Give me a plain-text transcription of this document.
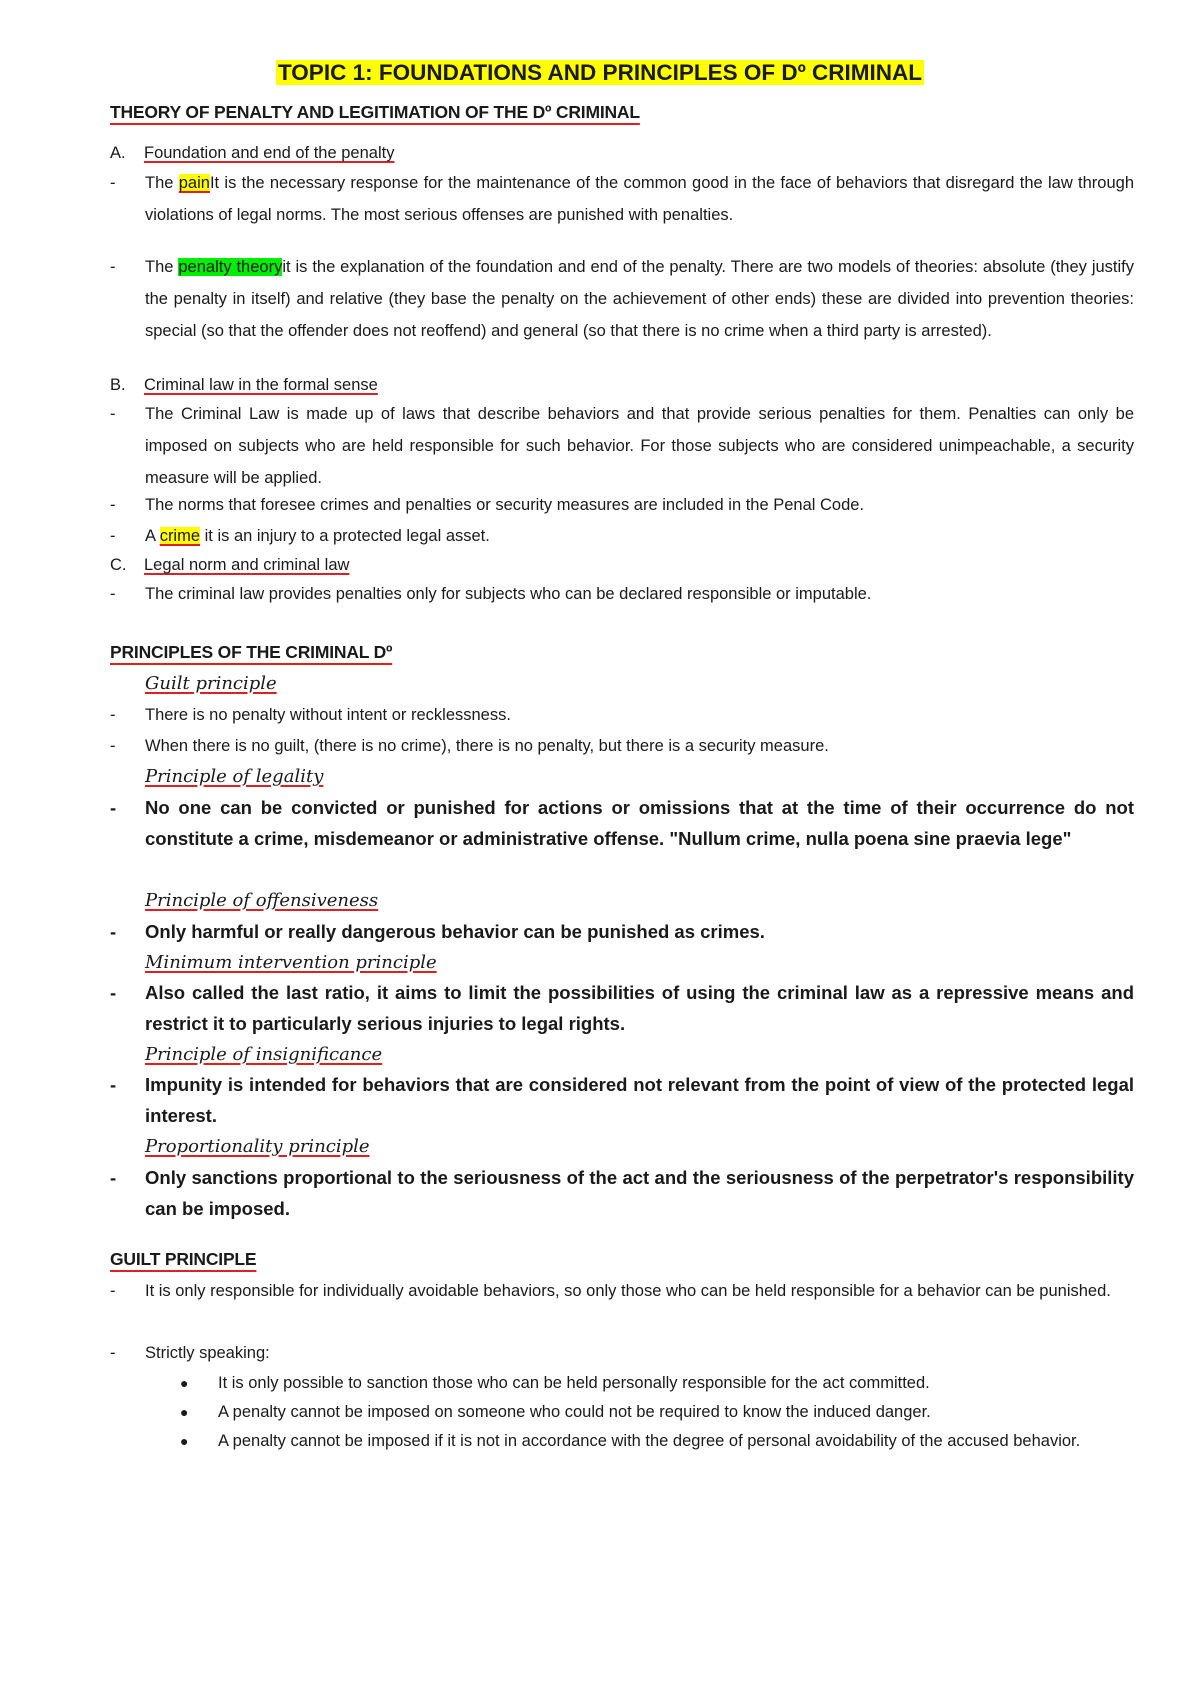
TOPIC 1: FOUNDATIONS AND PRINCIPLES OF Dº CRIMINAL
THEORY OF PENALTY AND LEGITIMATION OF THE Dº CRIMINAL
A. Foundation and end of the penalty
- The painIt is the necessary response for the maintenance of the common good in the face of behaviors that disregard the law through violations of legal norms. The most serious offenses are punished with penalties.
- The penalty theoryit is the explanation of the foundation and end of the penalty. There are two models of theories: absolute (they justify the penalty in itself) and relative (they base the penalty on the achievement of other ends) these are divided into prevention theories: special (so that the offender does not reoffend) and general (so that there is no crime when a third party is arrested).
B. Criminal law in the formal sense
- The Criminal Law is made up of laws that describe behaviors and that provide serious penalties for them. Penalties can only be imposed on subjects who are held responsible for such behavior. For those subjects who are considered unimpeachable, a security measure will be applied.
- The norms that foresee crimes and penalties or security measures are included in the Penal Code.
- A crime it is an injury to a protected legal asset.
C. Legal norm and criminal law
- The criminal law provides penalties only for subjects who can be declared responsible or imputable.
PRINCIPLES OF THE CRIMINAL Dº
Guilt principle
- There is no penalty without intent or recklessness.
- When there is no guilt, (there is no crime), there is no penalty, but there is a security measure.
Principle of legality
- No one can be convicted or punished for actions or omissions that at the time of their occurrence do not constitute a crime, misdemeanor or administrative offense. "Nullum crime, nulla poena sine praevia lege"
Principle of offensiveness
- Only harmful or really dangerous behavior can be punished as crimes.
Minimum intervention principle
- Also called the last ratio, it aims to limit the possibilities of using the criminal law as a repressive means and restrict it to particularly serious injuries to legal rights.
Principle of insignificance
- Impunity is intended for behaviors that are considered not relevant from the point of view of the protected legal interest.
Proportionality principle
- Only sanctions proportional to the seriousness of the act and the seriousness of the perpetrator's responsibility can be imposed.
GUILT PRINCIPLE
- It is only responsible for individually avoidable behaviors, so only those who can be held responsible for a behavior can be punished.
- Strictly speaking:
● It is only possible to sanction those who can be held personally responsible for the act committed.
● A penalty cannot be imposed on someone who could not be required to know the induced danger.
● A penalty cannot be imposed if it is not in accordance with the degree of personal avoidability of the accused behavior.
